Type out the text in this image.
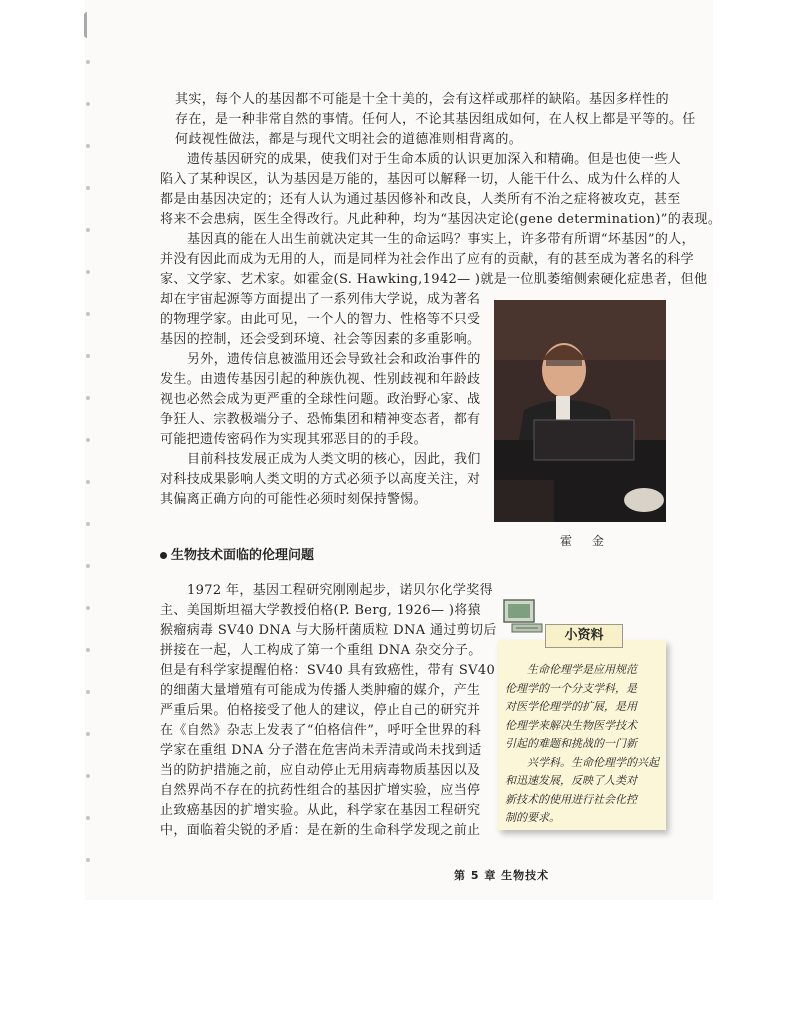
其实，每个人的基因都不可能是十全十美的，会有这样或那样的缺陷。基因多样性的
存在，是一种非常自然的事情。任何人，不论其基因组成如何，在人权上都是平等的。任
何歧视性做法，都是与现代文明社会的道德准则相背离的。
遗传基因研究的成果，使我们对于生命本质的认识更加深入和精确。但是也使一些人
陷入了某种误区，认为基因是万能的，基因可以解释一切，人能干什么、成为什么样的人
都是由基因决定的；还有人认为通过基因修补和改良，人类所有不治之症将被攻克，甚至
将来不会患病，医生全得改行。凡此种种，均为“基因决定论(gene determination)”的表现。
基因真的能在人出生前就决定其一生的命运吗？事实上，许多带有所谓“坏基因”的人，
并没有因此而成为无用的人，而是同样为社会作出了应有的贡献，有的甚至成为著名的科学
家、文学家、艺术家。如霍金(S. Hawking,1942— )就是一位肌萎缩侧索硬化症患者，但他
却在宇宙起源等方面提出了一系列伟大学说，成为著名
的物理学家。由此可见，一个人的智力、性格等不只受
基因的控制，还会受到环境、社会等因素的多重影响。
另外，遗传信息被滥用还会导致社会和政治事件的
发生。由遗传基因引起的种族仇视、性别歧视和年龄歧
视也必然会成为更严重的全球性问题。政治野心家、战
争狂人、宗教极端分子、恐怖集团和精神变态者，都有
可能把遗传密码作为实现其邪恶目的的手段。
目前科技发展正成为人类文明的核心，因此，我们
对科技成果影响人类文明的方式必须予以高度关注，对
其偏离正确方向的可能性必须时刻保持警惕。
霍 金
生物技术面临的伦理问题
1972 年，基因工程研究刚刚起步，诺贝尔化学奖得
主、美国斯坦福大学教授伯格(P. Berg, 1926— )将猿
猴瘤病毒 SV40 DNA 与大肠杆菌质粒 DNA 通过剪切后
拼接在一起，人工构成了第一个重组 DNA 杂交分子。
但是有科学家提醒伯格：SV40 具有致癌性，带有 SV40
的细菌大量增殖有可能成为传播人类肿瘤的媒介，产生
严重后果。伯格接受了他人的建议，停止自己的研究并
在《自然》杂志上发表了“伯格信件”，呼吁全世界的科
学家在重组 DNA 分子潜在危害尚未弄清或尚未找到适
当的防护措施之前，应自动停止无用病毒物质基因以及
自然界尚不存在的抗药性组合的基因扩增实验，应当停
止致癌基因的扩增实验。从此，科学家在基因工程研究
中，面临着尖锐的矛盾：是在新的生命科学发现之前止
小资料
生命伦理学是应用规范
伦理学的一个分支学科，是
对医学伦理学的扩展，是用
伦理学来解决生物医学技术
引起的难题和挑战的一门新
兴学科。生命伦理学的兴起
和迅速发展，反映了人类对
新技术的使用进行社会化控
制的要求。
第 5 章 生物技术
